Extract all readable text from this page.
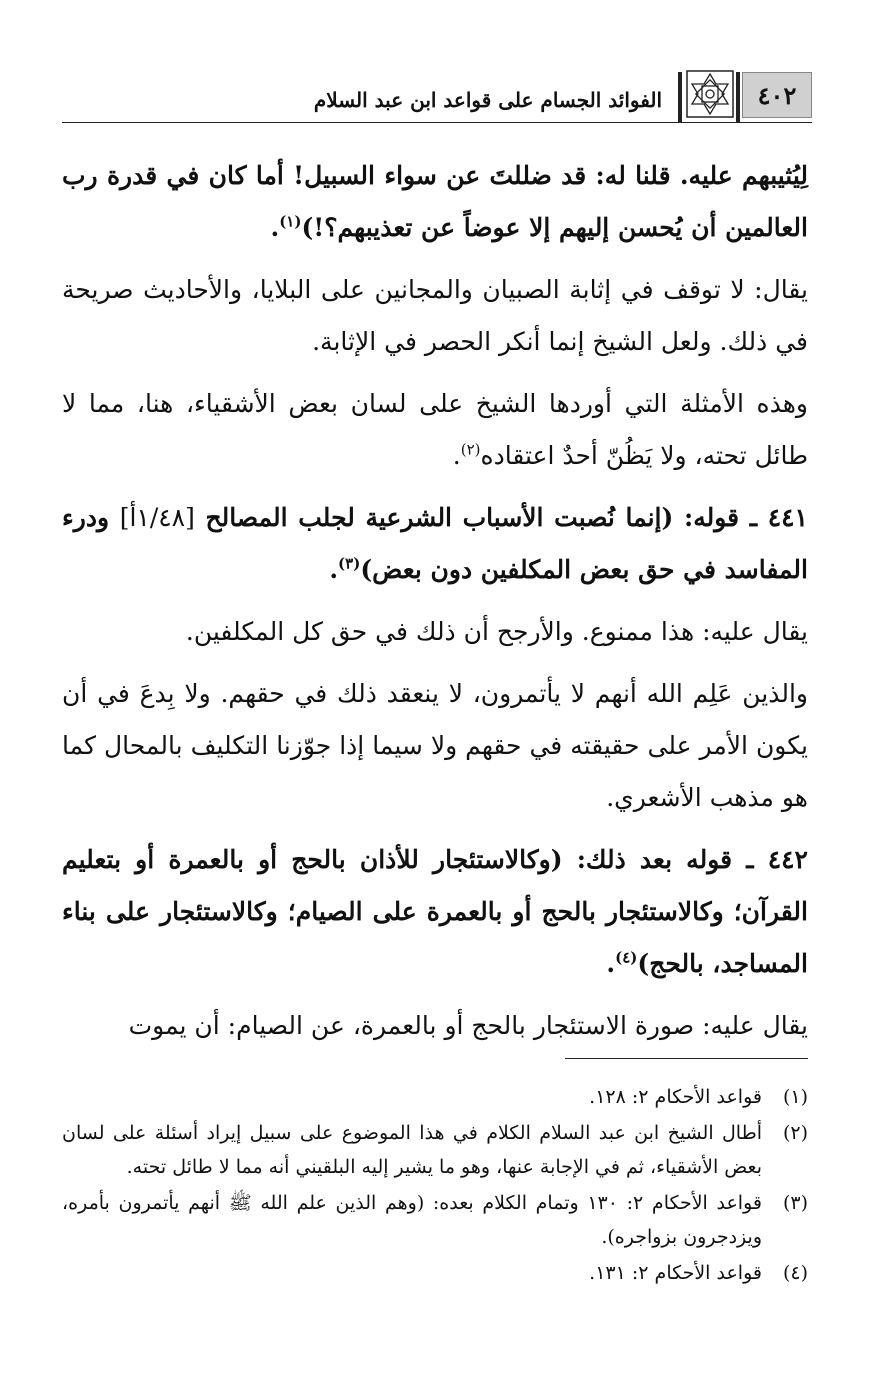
٤٠٢
الفوائد الجسام على قواعد ابن عبد السلام

لِيُثيبهم عليه. قلنا له: قد ضللتَ عن سواء السبيل! أما كان في قدرة رب العالمين أن يُحسن إليهم إلا عوضاً عن تعذيبهم؟!)$^{(١)}$.

يقال: لا توقف في إثابة الصبيان والمجانين على البلايا، والأحاديث صريحة في ذلك. ولعل الشيخ إنما أنكر الحصر في الإثابة.

وهذه الأمثلة التي أوردها الشيخ على لسان بعض الأشقياء، هنا، مما لا طائل تحته، ولا يَظُنّ أحدٌ اعتقاده$^{(٢)}$.

٤٤١ ـ قوله: (إنما نُصبت الأسباب الشرعية لجلب المصالح [١/٤٨أ] ودرء المفاسد في حق بعض المكلفين دون بعض)$^{(٣)}$.

يقال عليه: هذا ممنوع. والأرجح أن ذلك في حق كل المكلفين.

والذين عَلِم الله أنهم لا يأتمرون، لا ينعقد ذلك في حقهم. ولا بِدعَ في أن يكون الأمر على حقيقته في حقهم ولا سيما إذا جوّزنا التكليف بالمحال كما هو مذهب الأشعري.

٤٤٢ ـ قوله بعد ذلك: (وكالاستئجار للأذان بالحج أو بالعمرة أو بتعليم القرآن؛ وكالاستئجار بالحج أو بالعمرة على الصيام؛ وكالاستئجار على بناء المساجد، بالحج)$^{(٤)}$.

يقال عليه: صورة الاستئجار بالحج أو بالعمرة، عن الصيام: أن يموت

(١)
قواعد الأحكام ٢: ١٢٨.
(٢)
أطال الشيخ ابن عبد السلام الكلام في هذا الموضوع على سبيل إيراد أسئلة على لسان بعض الأشقياء، ثم في الإجابة عنها، وهو ما يشير إليه البلقيني أنه مما لا طائل تحته.
(٣)
قواعد الأحكام ٢: ١٣٠ وتمام الكلام بعده: (وهم الذين علم الله ﷺ أنهم يأتمرون بأمره، ويزدجرون بزواجره).
(٤)
قواعد الأحكام ٢: ١٣١.
